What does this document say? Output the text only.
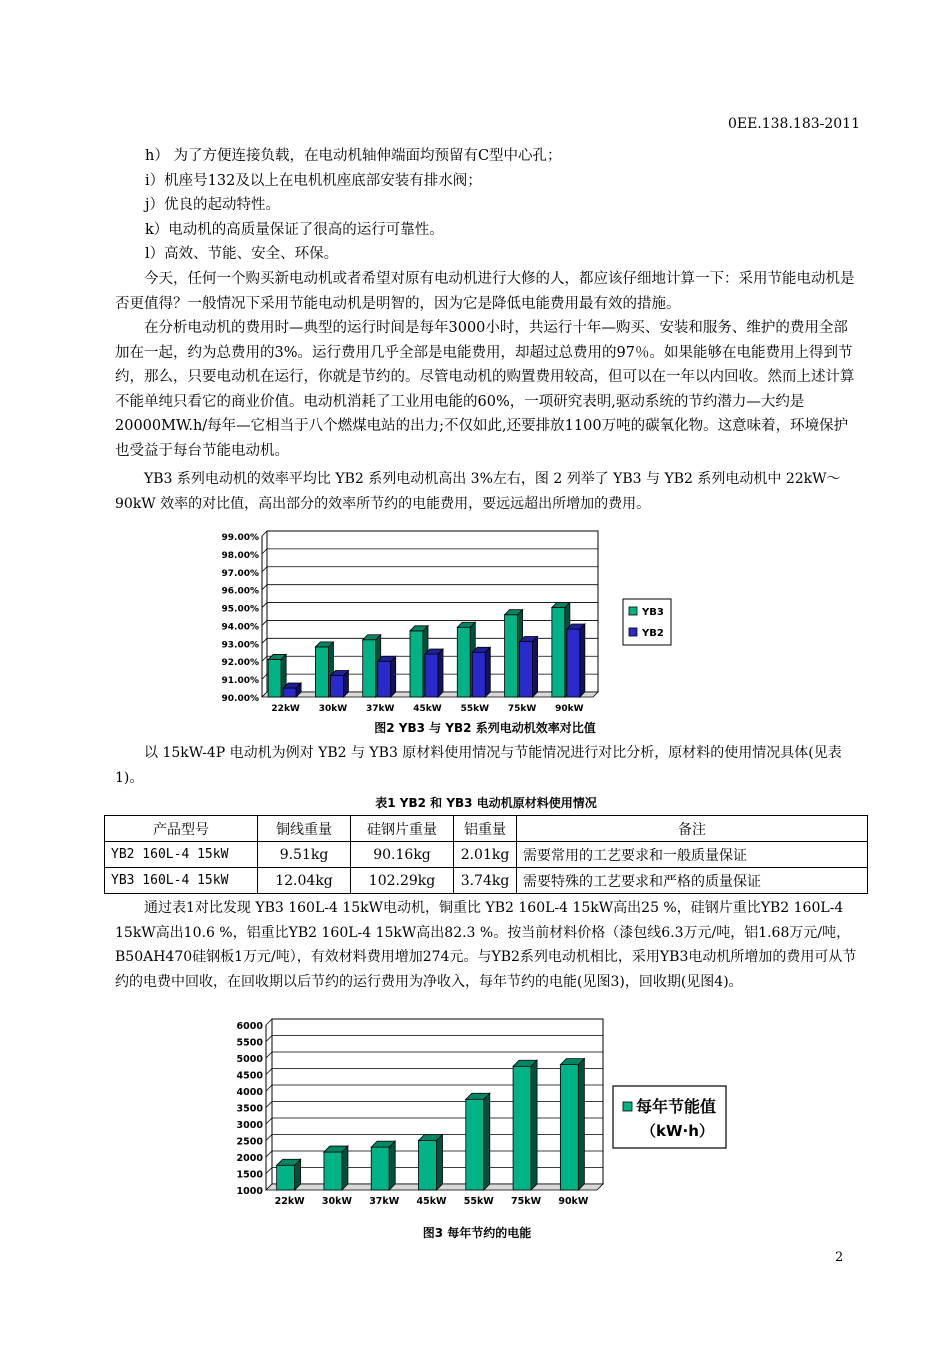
0EE.138.183-2011
h） 为了方便连接负载，在电动机轴伸端面均预留有C型中心孔；
i）机座号132及以上在电机机座底部安装有排水阀；
j）优良的起动特性。
k）电动机的高质量保证了很高的运行可靠性。
l）高效、节能、安全、环保。

今天，任何一个购买新电动机或者希望对原有电动机进行大修的人，都应该仔细地计算一下：采用节能电动机是否更值得？一般情况下采用节能电动机是明智的，因为它是降低电能费用最有效的措施。

在分析电动机的费用时—典型的运行时间是每年3000小时，共运行十年—购买、安装和服务、维护的费用全部加在一起，约为总费用的3%。运行费用几乎全部是电能费用，却超过总费用的97％。如果能够在电能费用上得到节约，那么，只要电动机在运行，你就是节约的。尽管电动机的购置费用较高，但可以在一年以内回收。然而上述计算不能单纯只看它的商业价值。电动机消耗了工业用电能的60%，一项研究表明,驱动系统的节约潜力—大约是20000MW.h/每年—它相当于八个燃煤电站的出力;不仅如此,还要排放1100万吨的碳氧化物。这意味着，环境保护也受益于每台节能电动机。

YB3 系列电动机的效率平均比 YB2 系列电动机高出 3%左右，图 2 列举了 YB3 与 YB2 系列电动机中 22kW～90kW 效率的对比值，高出部分的效率所节约的电能费用，要远远超出所增加的费用。

90.00%
91.00%
92.00%
93.00%
94.00%
95.00%
96.00%
97.00%
98.00%
99.00%
22kW 30kW 37kW 45kW 55kW 75kW 90kW
YB3
YB2
图2 YB3 与 YB2 系列电动机效率对比值

以 15kW-4P 电动机为例对 YB2 与 YB3 原材料使用情况与节能情况进行对比分析，原材料的使用情况具体(见表 1)。

表1 YB2 和 YB3 电动机原材料使用情况
产品型号	铜线重量	硅钢片重量	铝重量	备注
YB2 160L-4 15kW	9.51kg	90.16kg	2.01kg	需要常用的工艺要求和一般质量保证
YB3 160L-4 15kW	12.04kg	102.29kg	3.74kg	需要特殊的工艺要求和严格的质量保证

通过表1对比发现 YB3 160L-4 15kW电动机，铜重比 YB2 160L-4 15kW高出25 %，硅钢片重比YB2 160L-4 15kW高出10.6 %，铝重比YB2 160L-4 15kW高出82.3 %。按当前材料价格（漆包线6.3万元/吨，铝1.68万元/吨，B50AH470硅钢板1万元/吨），有效材料费用增加274元。与YB2系列电动机相比，采用YB3电动机所增加的费用可从节约的电费中回收，在回收期以后节约的运行费用为净收入，每年节约的电能(见图3)，回收期(见图4)。

1000
1500
2000
2500
3000
3500
4000
4500
5000
5500
6000
22kW 30kW 37kW 45kW 55kW 75kW 90kW
每年节能值
（kW·h）
图3 每年节约的电能
2
